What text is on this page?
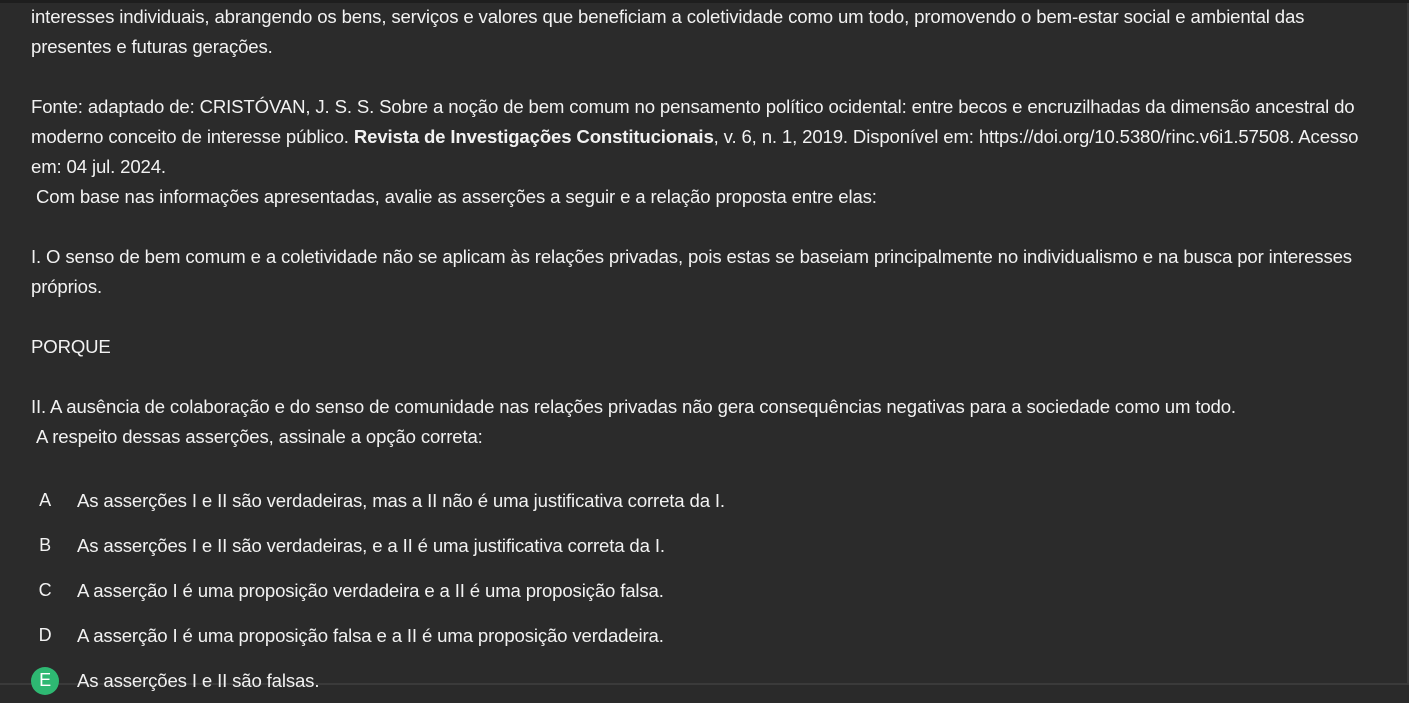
interesses individuais, abrangendo os bens, serviços e valores que beneficiam a coletividade como um todo, promovendo o bem-estar social e ambiental das

presentes e futuras gerações.

Fonte: adaptado de: CRISTÓVAN, J. S. S. Sobre a noção de bem comum no pensamento político ocidental: entre becos e encruzilhadas da dimensão ancestral do

moderno conceito de interesse público. Revista de Investigações Constitucionais, v. 6, n. 1, 2019. Disponível em: https://doi.org/10.5380/rinc.v6i1.57508. Acesso

em: 04 jul. 2024.

Com base nas informações apresentadas, avalie as asserções a seguir e a relação proposta entre elas:

I. O senso de bem comum e a coletividade não se aplicam às relações privadas, pois estas se baseiam principalmente no individualismo e na busca por interesses

próprios.

PORQUE

II. A ausência de colaboração e do senso de comunidade nas relações privadas não gera consequências negativas para a sociedade como um todo.

A respeito dessas asserções, assinale a opção correta:

A	As asserções I e II são verdadeiras, mas a II não é uma justificativa correta da I.
B	As asserções I e II são verdadeiras, e a II é uma justificativa correta da I.
C	A asserção I é uma proposição verdadeira e a II é uma proposição falsa.
D	A asserção I é uma proposição falsa e a II é uma proposição verdadeira.
E	As asserções I e II são falsas.
